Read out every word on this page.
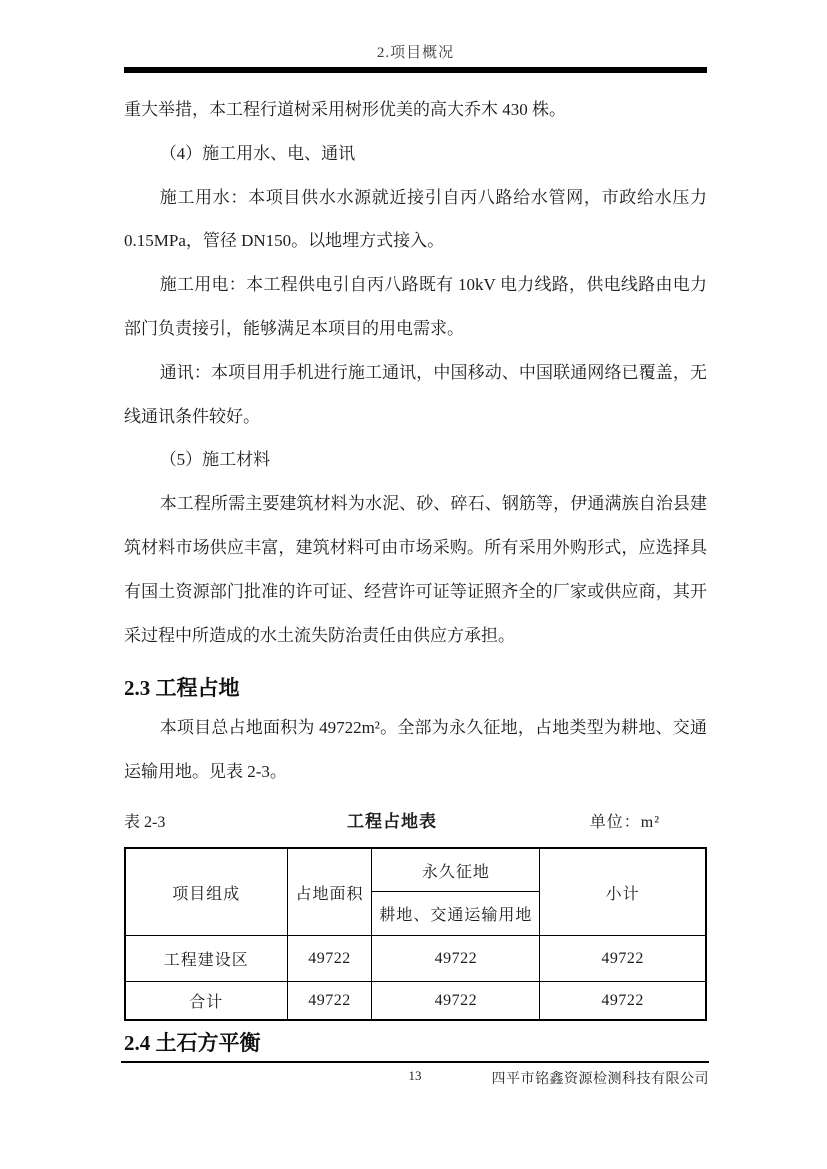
2.项目概况

重大举措，本工程行道树采用树形优美的高大乔木 430 株。

（4）施工用水、电、通讯

施工用水：本项目供水水源就近接引自丙八路给水管网，市政给水压力 0.15MPa，管径 DN150。以地埋方式接入。

施工用电：本工程供电引自丙八路既有 10kV 电力线路，供电线路由电力部门负责接引，能够满足本项目的用电需求。

通讯：本项目用手机进行施工通讯，中国移动、中国联通网络已覆盖，无线通讯条件较好。

（5）施工材料

本工程所需主要建筑材料为水泥、砂、碎石、钢筋等，伊通满族自治县建筑材料市场供应丰富，建筑材料可由市场采购。所有采用外购形式，应选择具有国土资源部门批准的许可证、经营许可证等证照齐全的厂家或供应商，其开采过程中所造成的水土流失防治责任由供应方承担。

2.3 工程占地

本项目总占地面积为 49722m²。全部为永久征地，占地类型为耕地、交通运输用地。见表 2-3。

表 2-3	工程占地表	单位：m²
项目组成	占地面积	永久征地	小计
		耕地、交通运输用地	
工程建设区	49722	49722	49722
合计	49722	49722	49722
2.4 土石方平衡
13	四平市铭鑫资源检测科技有限公司
